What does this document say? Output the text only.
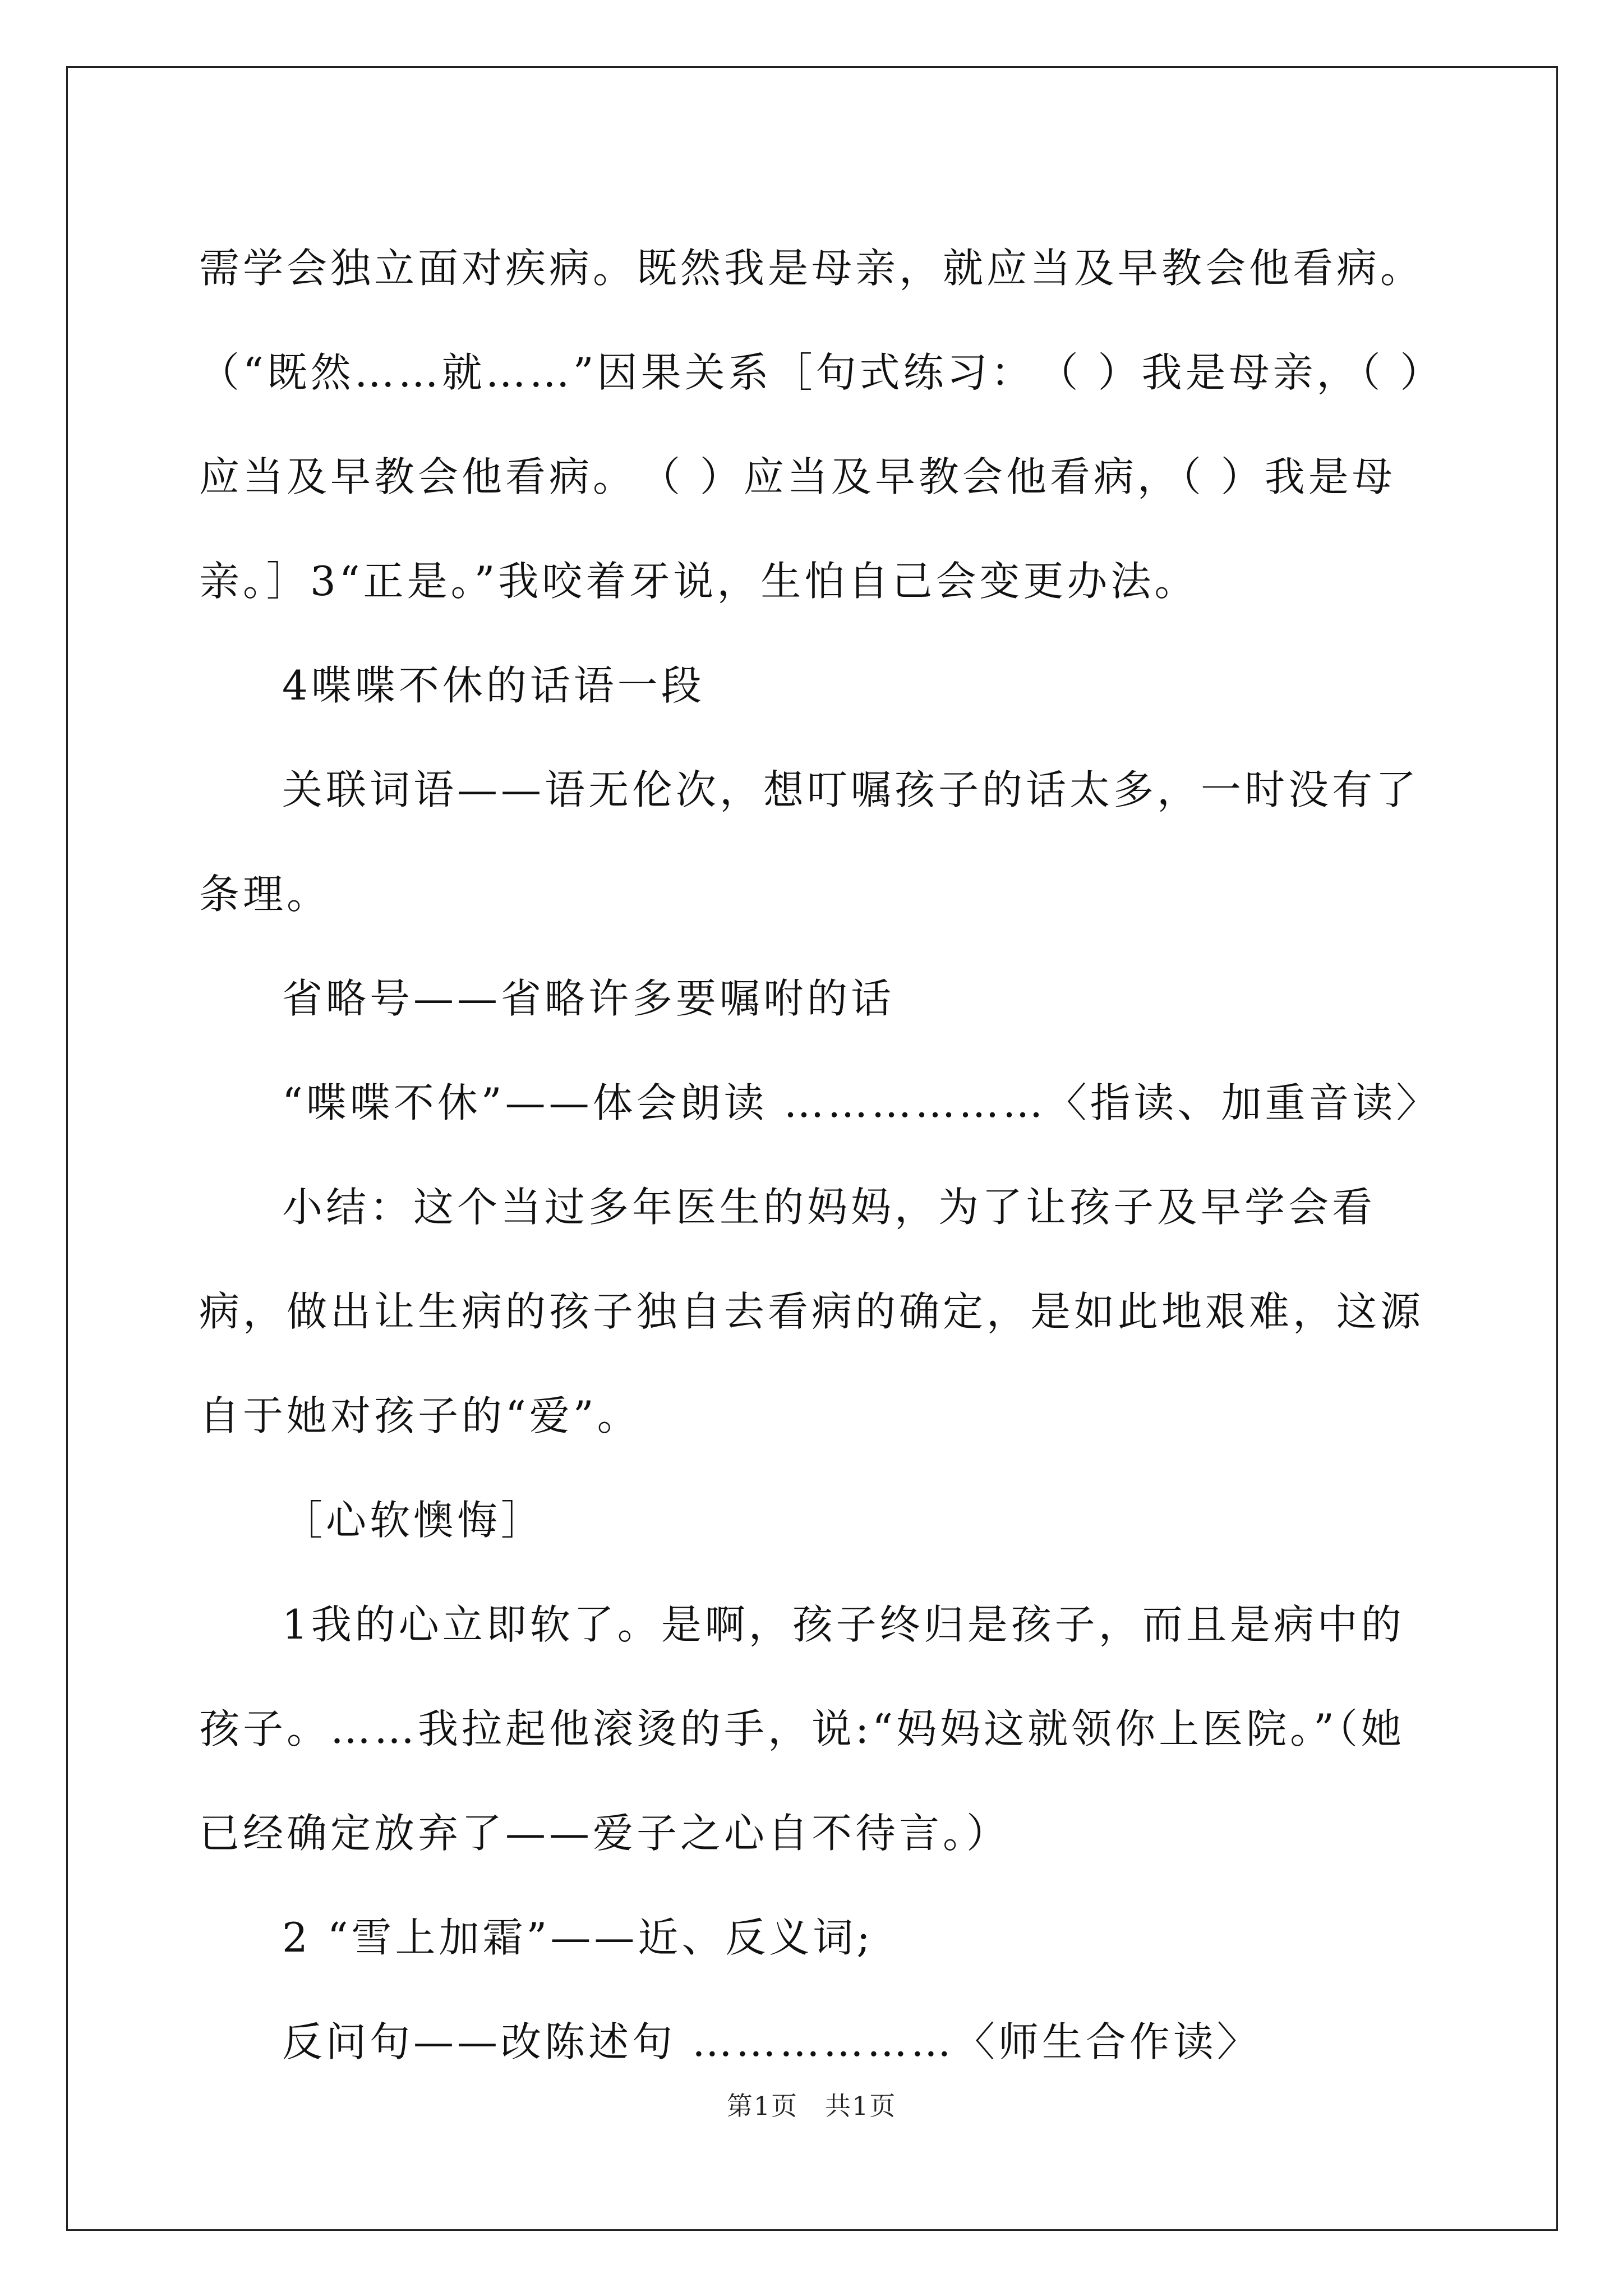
需学会独立面对疾病。既然我是母亲，就应当及早教会他看病。（“既然……就……”因果关系［句式练习：　（ ）我是母亲，（ ）应当及早教会他看病。　（ ）应当及早教会他看病，（ ）我是母亲。］3“正是。”我咬着牙说，生怕自己会变更办法。

4喋喋不休的话语一段

关联词语——语无伦次，想叮嘱孩子的话太多，一时没有了条理。

省略号——省略许多要嘱咐的话

“喋喋不休”——体会朗读 ………………〈指读、加重音读〉

小结：这个当过多年医生的妈妈，为了让孩子及早学会看病，做出让生病的孩子独自去看病的确定，是如此地艰难，这源自于她对孩子的“爱”。

［心软懊悔］

1我的心立即软了。是啊，孩子终归是孩子，而且是病中的孩子。……我拉起他滚烫的手，说:“妈妈这就领你上医院。”（她已经确定放弃了——爱子之心自不待言。）

2 “雪上加霜”——近、反义词;

反问句——改陈述句 ………………〈师生合作读〉

第1页　共1页
